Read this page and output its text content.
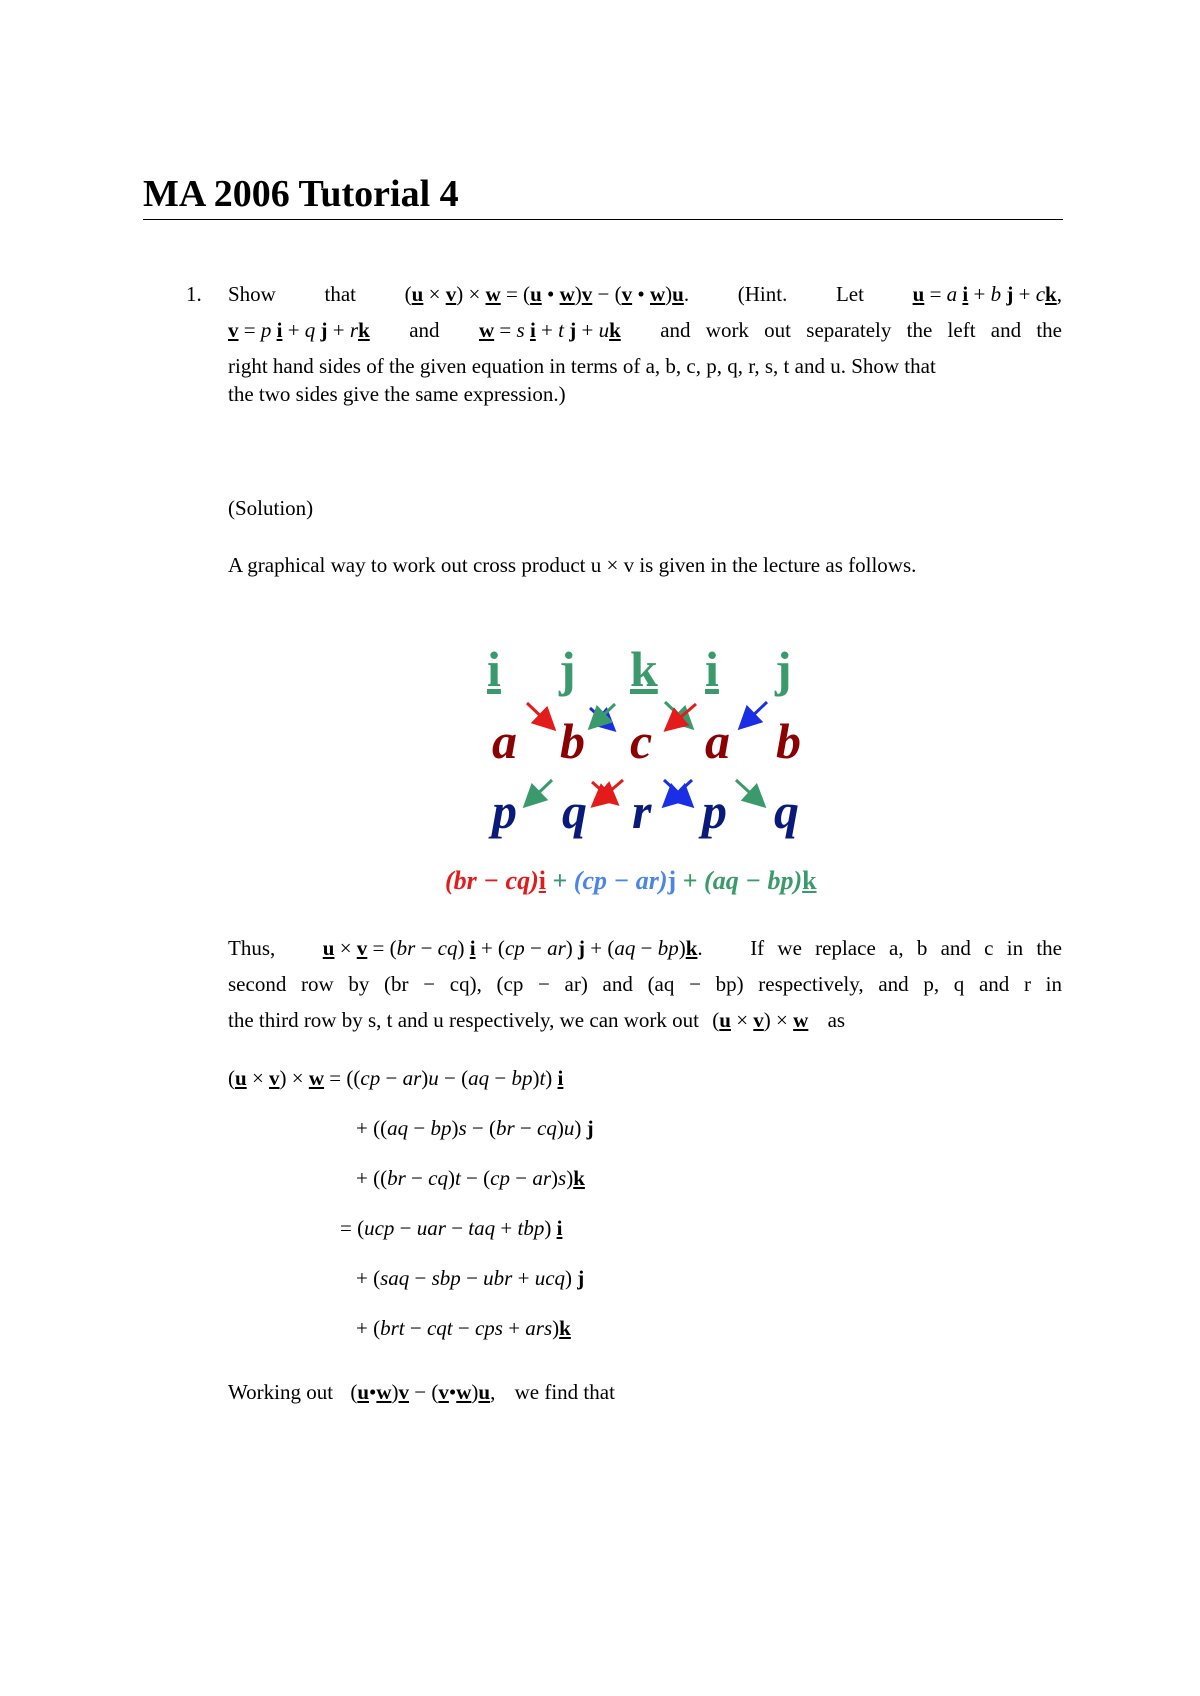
MA 2006 Tutorial 4
1. Show that (u × v) × w = (u • w)v − (v • w)u. (Hint. Let u = a i + b j + ck,
v = p i + q j + rk and w = s i + t j + uk and work out separately the left and the
right hand sides of the given equation in terms of a, b, c, p, q, r, s, t and u. Show that
the two sides give the same expression.)
(Solution)
A graphical way to work out cross product u × v is given in the lecture as follows.
i j k i j
a b c a b
p q r p q
(br − cq)i + (cp − ar)j + (aq − bp)k
Thus, u × v = (br − cq) i + (cp − ar) j + (aq − bp)k. If we replace a, b and c in the
second row by (br − cq), (cp − ar) and (aq − bp) respectively, and p, q and r in
the third row by s, t and u respectively, we can work out (u × v) × w as
(u × v) × w = ((cp − ar)u − (aq − bp)t) i
+ ((aq − bp)s − (br − cq)u) j
+ ((br − cq)t − (cp − ar)s)k
= (ucp − uar − taq + tbp) i
+ (saq − sbp − ubr + ucq) j
+ (brt − cqt − cps + ars)k
Working out (u•w)v − (v•w)u, we find that
